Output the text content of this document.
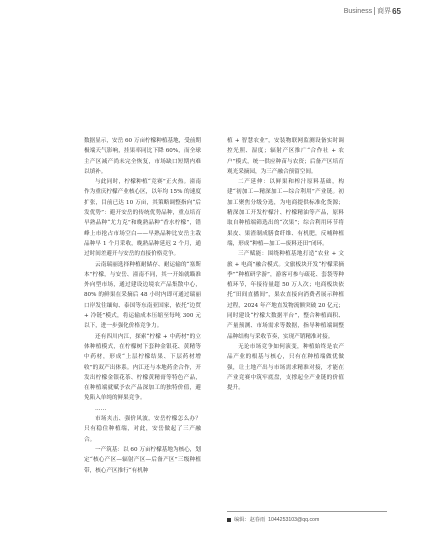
Business 商界 65

数据显示，安岳 60 万亩柠檬种植基地，受前期极端天气影响，挂果率同比下降 60%，而全球主产区减产尚未完全恢复，市场缺口短期内难以填补。

与此同时，柠檬种植“竞赛”正火热。潼南作为重庆柠檬产业核心区，以年均 15% 的速度扩张，目前已达 10 万亩，其策略调整指向“后发优势”：避开安岳的传统优势品种，重点培育早熟品种“尤力克”和晚熟品种“香水柠檬”，错峰上市抢占市场空白——早熟品种比安岳主栽品种早 1 个月采收，晚熟品种延迟 2 个月，通过时间差避开与安岳的直接价格竞争。

云南瑞丽选择种植耐储存、耐运输的“塞斯本”柠檬，与安岳、潼南不同，其一开始就瞄准外向型市场，通过建设边境农产品集散中心，80% 的鲜果在采摘后 48 小时内即可通过瑞丽口岸发往缅甸、泰国等东南亚国家，依托“边贸 + 冷链”模式，将运输成本压缩至每吨 300 元以下，进一步强化价格竞争力。

还有四川内江，探索“柠檬 + 中药材”的立体种植模式，在柠檬树下套种金银花、黄精等中药材，形成“上层柠檬结果、下层药材增收”的双产出体系。内江还与本地药企合作，开发出柠檬金银花茶、柠檬黄精膏等特色产品，在种植端就赋予农产品深加工的独特价值，避免陷入单纯的鲜果竞争。

……

市场夹击、强价风波，安岳柠檬怎么办？只有稳住种植端，对此，安岳做起了三产融合。

一产筑基：以 60 万亩柠檬基地为核心，划定“核心产区—辐射产区—后备产区”三级种植带，核心产区推行“有机种

植 + 智慧农业”，安装物联网监测设备实时调控光照、湿度；辐射产区推广“合作社 + 农户”模式，统一供应种苗与农资；后备产区培育观光采摘园，为三产融合预留空间。

二产延伸：以鲜果和榨汁原料基础，构建“初加工—精深加工—综合利用”产业链。初加工聚焦分级分选，为电商提供标准化货源；精深加工开发柠檬汁、柠檬精油等产品，原料取自种植端筛选出的“次果”；综合利用环节将果皮、果渣制成膳食纤维、有机肥，反哺种植端，形成“种植—加工—废料还田”闭环。

三产赋能：围绕种植基地打造“农业 + 文旅 + 电商”融合模式。文旅板块开发“柠檬采摘季”“种植研学游”，游客可参与疏花、套袋等种植环节，年接待量超 50 万人次；电商板块依托“田间直播间”，果农直接向消费者展示种植过程，2024 年产地直发物流额突破 20 亿元；同时建设“柠檬大数据平台”，整合种植面积、产量预测、市场需求等数据，指导种植端调整品种结构与采收节奏，实现产销精准对接。

无论市场竞争如何演变，种植始终是农产品产业的根基与核心，只有在种植端做优做强，让土地产出与市场需求精准对接，才能在产业竞赛中筑牢底盘，支撑起全产业链的价值提升。

编辑：赵春雨 1044253103@qq.com
